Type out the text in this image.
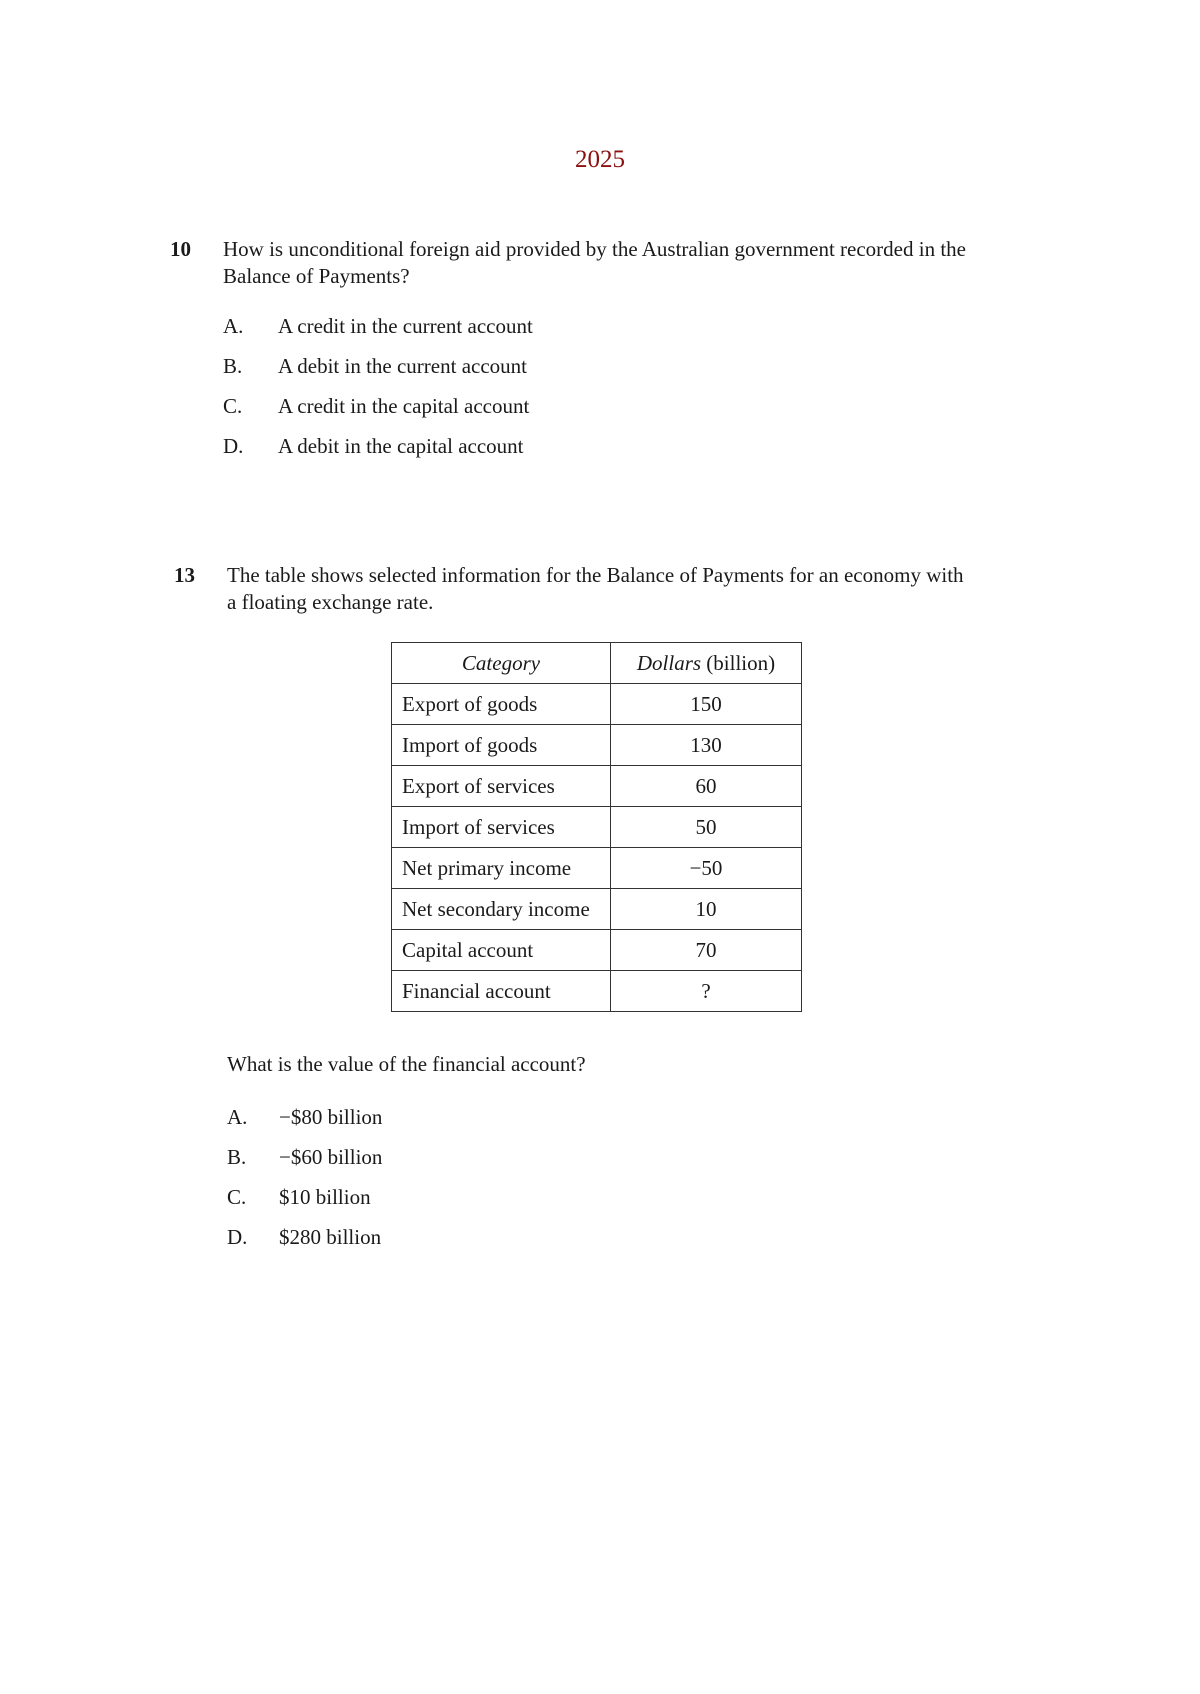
2025
10 How is unconditional foreign aid provided by the Australian government recorded in the
Balance of Payments?
A. A credit in the current account
B. A debit in the current account
C. A credit in the capital account
D. A debit in the capital account
13 The table shows selected information for the Balance of Payments for an economy with
a floating exchange rate.
Category	Dollars (billion)
Export of goods	150
Import of goods	130
Export of services	60
Import of services	50
Net primary income	−50
Net secondary income	10
Capital account	70
Financial account	?
What is the value of the financial account?
A. −$80 billion
B. −$60 billion
C. $10 billion
D. $280 billion
